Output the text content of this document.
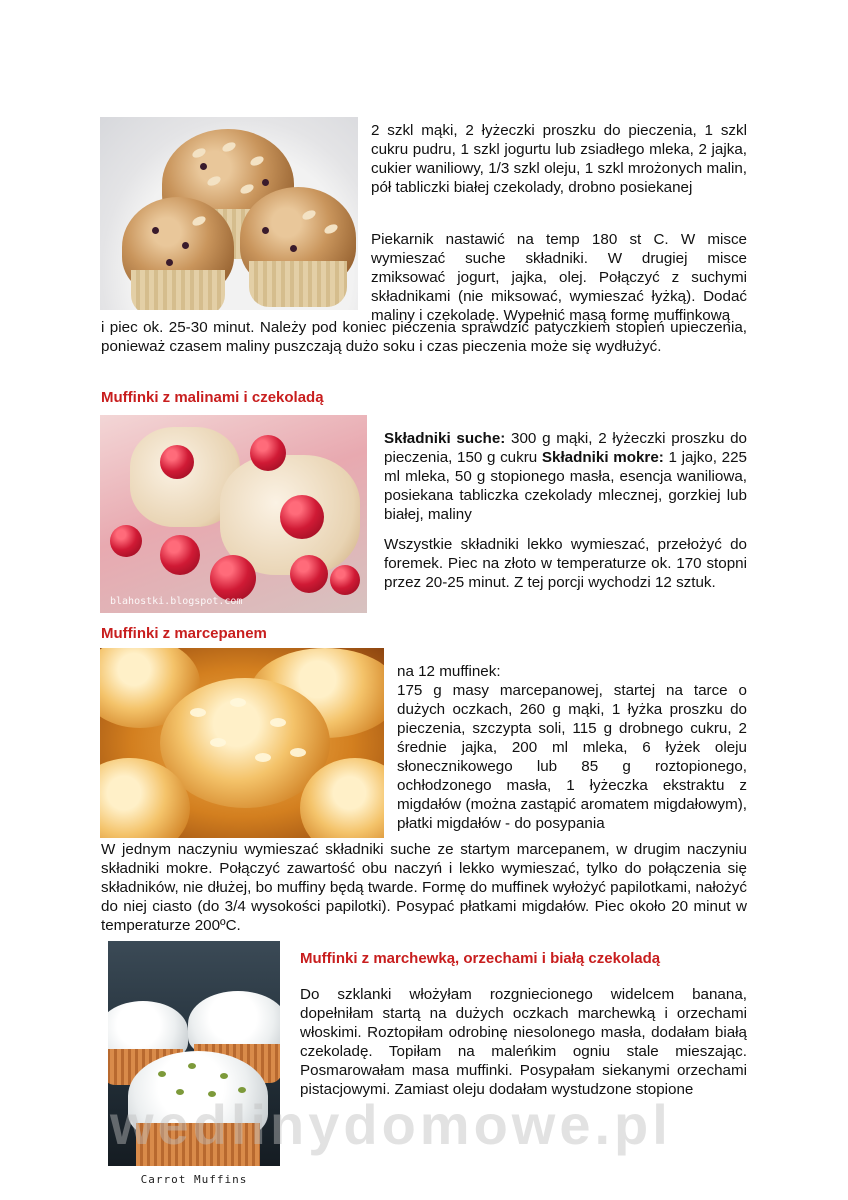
2 szkl mąki, 2 łyżeczki proszku do pieczenia, 1 szkl cukru pudru, 1 szkl jogurtu lub zsiadłego mleka, 2 jajka, cukier waniliowy, 1/3 szkl oleju, 1 szkl mrożonych malin, pół tabliczki białej czekolady, drobno posiekanej

Piekarnik nastawić na temp 180 st C. W misce wymieszać suche składniki. W drugiej misce zmiksować jogurt, jajka, olej. Połączyć z suchymi składnikami (nie miksować, wymieszać łyżką). Dodać maliny i czekoladę. Wypełnić masą formę muffinkową

i piec ok. 25-30 minut. Należy pod koniec pieczenia sprawdzić patyczkiem stopień upieczenia, ponieważ czasem maliny puszczają dużo soku i czas pieczenia może się wydłużyć.

Muffinki z malinami i czekoladą
blahostki.blogspot.com

Składniki suche: 300 g mąki, 2 łyżeczki proszku do pieczenia, 150 g cukru Składniki mokre: 1 jajko, 225 ml mleka, 50 g stopionego masła, esencja waniliowa, posiekana tabliczka czekolady mlecznej, gorzkiej lub białej, maliny

Wszystkie składniki lekko wymieszać, przełożyć do foremek. Piec na złoto w temperaturze ok. 170 stopni przez 20-25 minut. Z tej porcji wychodzi 12 sztuk.

Muffinki z marcepanem

na 12 muffinek:

175 g masy marcepanowej, startej na tarce o dużych oczkach, 260 g mąki, 1 łyżka proszku do pieczenia, szczypta soli, 115 g drobnego cukru, 2 średnie jajka, 200 ml mleka, 6 łyżek oleju słonecznikowego lub 85 g roztopionego, ochłodzonego masła, 1 łyżeczka ekstraktu z migdałów (można zastąpić aromatem migdałowym), płatki migdałów - do posypania

W jednym naczyniu wymieszać składniki suche ze startym marcepanem, w drugim naczyniu składniki mokre. Połączyć zawartość obu naczyń i lekko wymieszać, tylko do połączenia się składników, nie dłużej, bo muffiny będą twarde. Formę do muffinek wyłożyć papilotkami, nałożyć do niej ciasto (do 3/4 wysokości papilotki). Posypać płatkami migdałów. Piec około 20 minut w temperaturze 200ºC.

Carrot Muffins
Muffinki z marchewką, orzechami i białą czekoladą

Do szklanki włożyłam rozgniecionego widelcem banana, dopełniłam startą na dużych oczkach marchewką i orzechami włoskimi. Roztopiłam odrobinę niesolonego masła, dodałam białą czekoladę. Topiłam na maleńkim ogniu stale mieszając. Posmarowałam masa muffinki. Posypałam siekanymi orzechami pistacjowymi. Zamiast oleju dodałam wystudzone stopione

wedlinydomowe.pl
